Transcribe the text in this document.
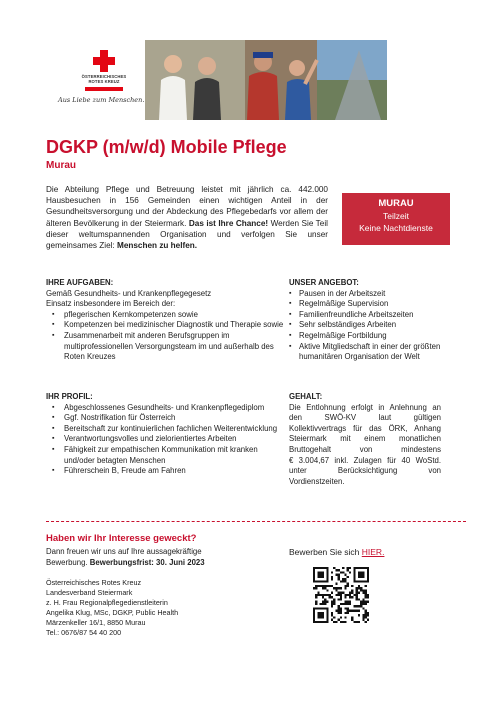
ÖSTERREICHISCHES
ROTES KREUZ
Aus Liebe zum Menschen.
DGKP (m/w/d) Mobile Pflege
Murau
Die Abteilung Pflege und Betreuung leistet mit jährlich ca. 442.000 Hausbesuchen in 156 Gemeinden einen wichtigen Anteil in der Gesundheitsversorgung und der Abdeckung des Pflegebedarfs vor allem der älteren Bevölkerung in der Steiermark. Das ist Ihre Chance! Werden Sie Teil dieser weltumspannenden Organisation und verfolgen Sie unser gemeinsames Ziel: Menschen zu helfen.
MURAU
Teilzeit
Keine Nachtdienste
IHRE AUFGABEN:

Gemäß Gesundheits- und Krankenpflegegesetz

Einsatz insbesondere im Bereich der:

▪ pflegerischen Kernkompetenzen sowie
▪ Kompetenzen bei medizinischer Diagnostik und Therapie sowie
▪ Zusammenarbeit mit anderen Berufsgruppen im multiprofessionellen Versorgungsteam im und außerhalb des Roten Kreuzes
IHR PROFIL:
▪ Abgeschlossenes Gesundheits- und Krankenpflegediplom
▪ Ggf. Nostrifikation für Österreich
▪ Bereitschaft zur kontinuierlichen fachlichen Weiterentwicklung
▪ Verantwortungsvolles und zielorientiertes Arbeiten
▪ Fähigkeit zur empathischen Kommunikation mit kranken und/oder betagten Menschen
▪ Führerschein B, Freude am Fahren
UNSER ANGEBOT:
▪ Pausen in der Arbeitszeit
▪ Regelmäßige Supervision
▪ Familienfreundliche Arbeitszeiten
▪ Sehr selbständiges Arbeiten
▪ Regelmäßige Fortbildung
▪ Aktive Mitgliedschaft in einer der größten humanitären Organisation der Welt
GEHALT:

Die Entlohnung erfolgt in Anlehnung an

den SWÖ-KV laut gültigen

Kollektivvertrags für das ÖRK, Anhang

Steiermark mit einem monatlichen

Bruttogehalt von mindestens

€ 3.004,67 inkl. Zulagen für 40 WoStd.

unter Berücksichtigung von

Vordienstzeiten.

Haben wir Ihr Interesse geweckt?
Dann freuen wir uns auf Ihre aussagekräftige
Bewerbung. Bewerbungsfrist: 30. Juni 2023
Österreichisches Rotes Kreuz
Landesverband Steiermark
z. H. Frau Regionalpflegedienstleiterin
Angelika Klug, MSc, DGKP, Public Health
Märzenkeller 16/1, 8850 Murau
Tel.: 0676/87 54 40 200
Bewerben Sie sich HIER.
